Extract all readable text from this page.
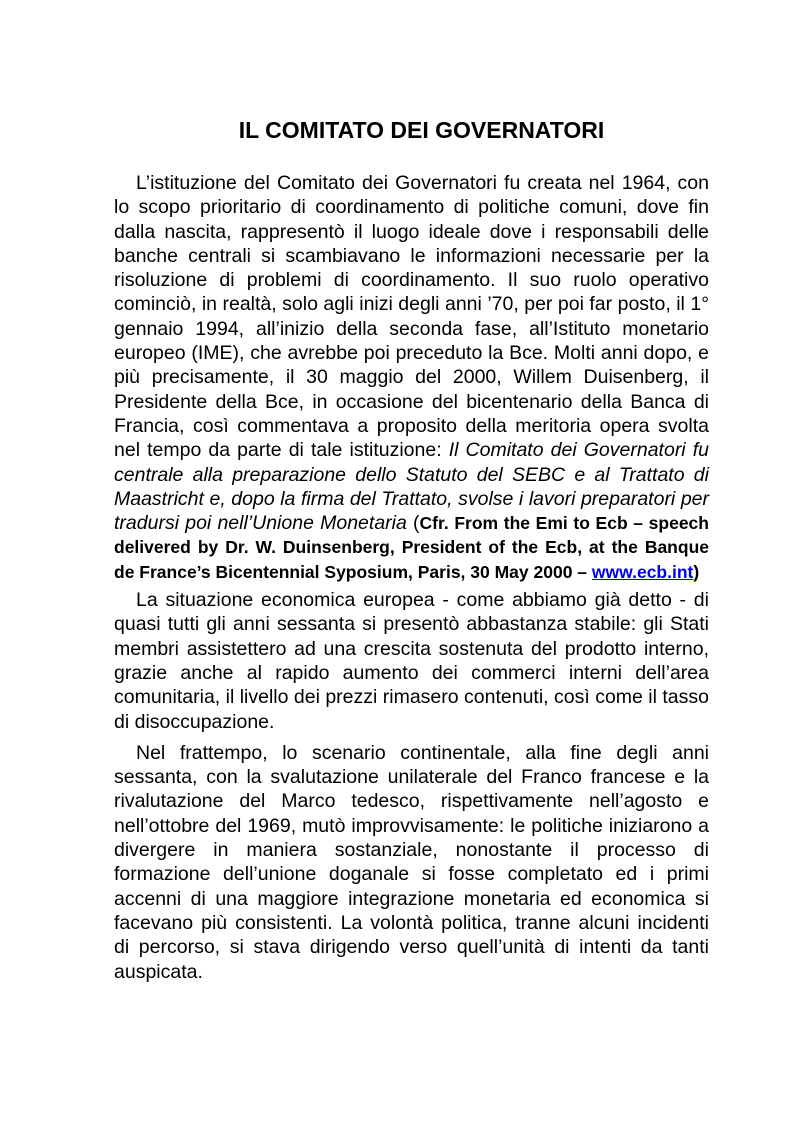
IL COMITATO DEI GOVERNATORI

L’istituzione del Comitato dei Governatori fu creata nel 1964, con lo scopo prioritario di coordinamento di politiche comuni, dove fin dalla nascita, rappresentò il luogo ideale dove i responsabili delle banche centrali si scambiavano le informazioni necessarie per la risoluzione di problemi di coordinamento. Il suo ruolo operativo cominciò, in realtà, solo agli inizi degli anni ’70, per poi far posto, il 1° gennaio 1994, all’inizio della seconda fase, all’Istituto monetario europeo (IME), che avrebbe poi preceduto la Bce. Molti anni dopo, e più precisamente, il 30 maggio del 2000, Willem Duisenberg, il Presidente della Bce, in occasione del bicentenario della Banca di Francia, così commentava a proposito della meritoria opera svolta nel tempo da parte di tale istituzione: Il Comitato dei Governatori fu centrale alla preparazione dello Statuto del SEBC e al Trattato di Maastricht e, dopo la firma del Trattato, svolse i lavori preparatori per tradursi poi nell’Unione Monetaria (Cfr. From the Emi to Ecb – speech delivered by Dr. W. Duinsenberg, President of the Ecb, at the Banque de France’s Bicentennial Syposium, Paris, 30 May 2000 – www.ecb.int)

La situazione economica europea - come abbiamo già detto - di quasi tutti gli anni sessanta si presentò abbastanza stabile: gli Stati membri assistettero ad una crescita sostenuta del prodotto interno, grazie anche al rapido aumento dei commerci interni dell’area comunitaria, il livello dei prezzi rimasero contenuti, così come il tasso di disoccupazione.

Nel frattempo, lo scenario continentale, alla fine degli anni sessanta, con la svalutazione unilaterale del Franco francese e la rivalutazione del Marco tedesco, rispettivamente nell’agosto e nell’ottobre del 1969, mutò improvvisamente: le politiche iniziarono a divergere in maniera sostanziale, nonostante il processo di formazione dell’unione doganale si fosse completato ed i primi accenni di una maggiore integrazione monetaria ed economica si facevano più consistenti. La volontà politica, tranne alcuni incidenti di percorso, si stava dirigendo verso quell’unità di intenti da tanti auspicata.
